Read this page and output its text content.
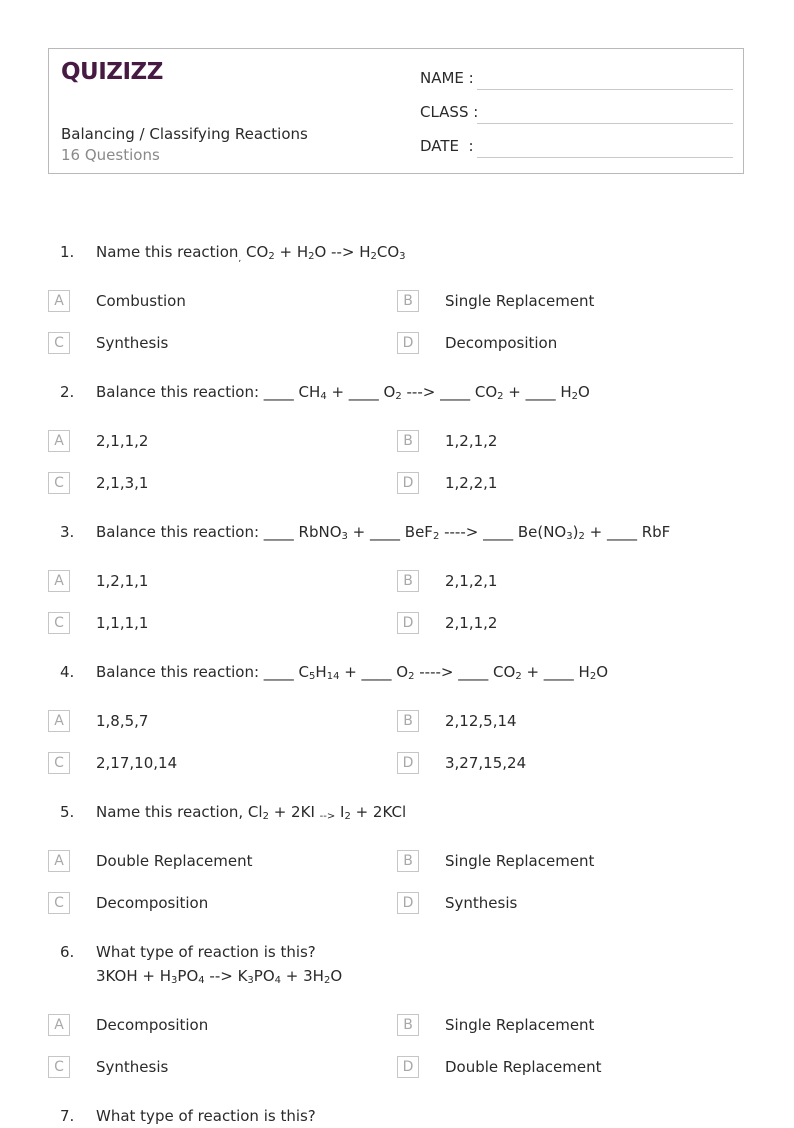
QUIZIZZ
Balancing / Classifying Reactions
16 Questions
NAME :
CLASS :
DATE  :
1. Name this reaction$_,$ $CO_2 + H_2O$ --> $H_2CO_3$
A	Combustion	B	Single Replacement
C	Synthesis	D	Decomposition
2. Balance this reaction: ____ $CH_4$ + ____ $O_2$ ---> ____ $CO_2$ + ____ $H_2O$
A	2,1,1,2	B	1,2,1,2
C	2,1,3,1	D	1,2,2,1
3. Balance this reaction: ____ RbNO$_3$ + ____ BeF$_2$ ----> ____ $Be(NO_3)_2$ + ____ RbF
A	1,2,1,1	B	2,1,2,1
C	1,1,1,1	D	2,1,1,2
4. Balance this reaction: ____ $C_5H_{14}$ + ____ $O_2$ ----> ____ $CO_2$ + ____ $H_2O$
A	1,8,5,7	B	2,12,5,14
C	2,17,10,14	D	3,27,15,24
5. Name this reaction, $Cl_2 + 2KI$ --> $I_2 + 2KCl$
A	Double Replacement	B	Single Replacement
C	Decomposition	D	Synthesis
6. What type of reaction is this?
$3KOH + H_3PO_4$ --> $K_3PO_4 + 3H_2O$
A	Decomposition	B	Single Replacement
C	Synthesis	D	Double Replacement
7. What type of reaction is this?
